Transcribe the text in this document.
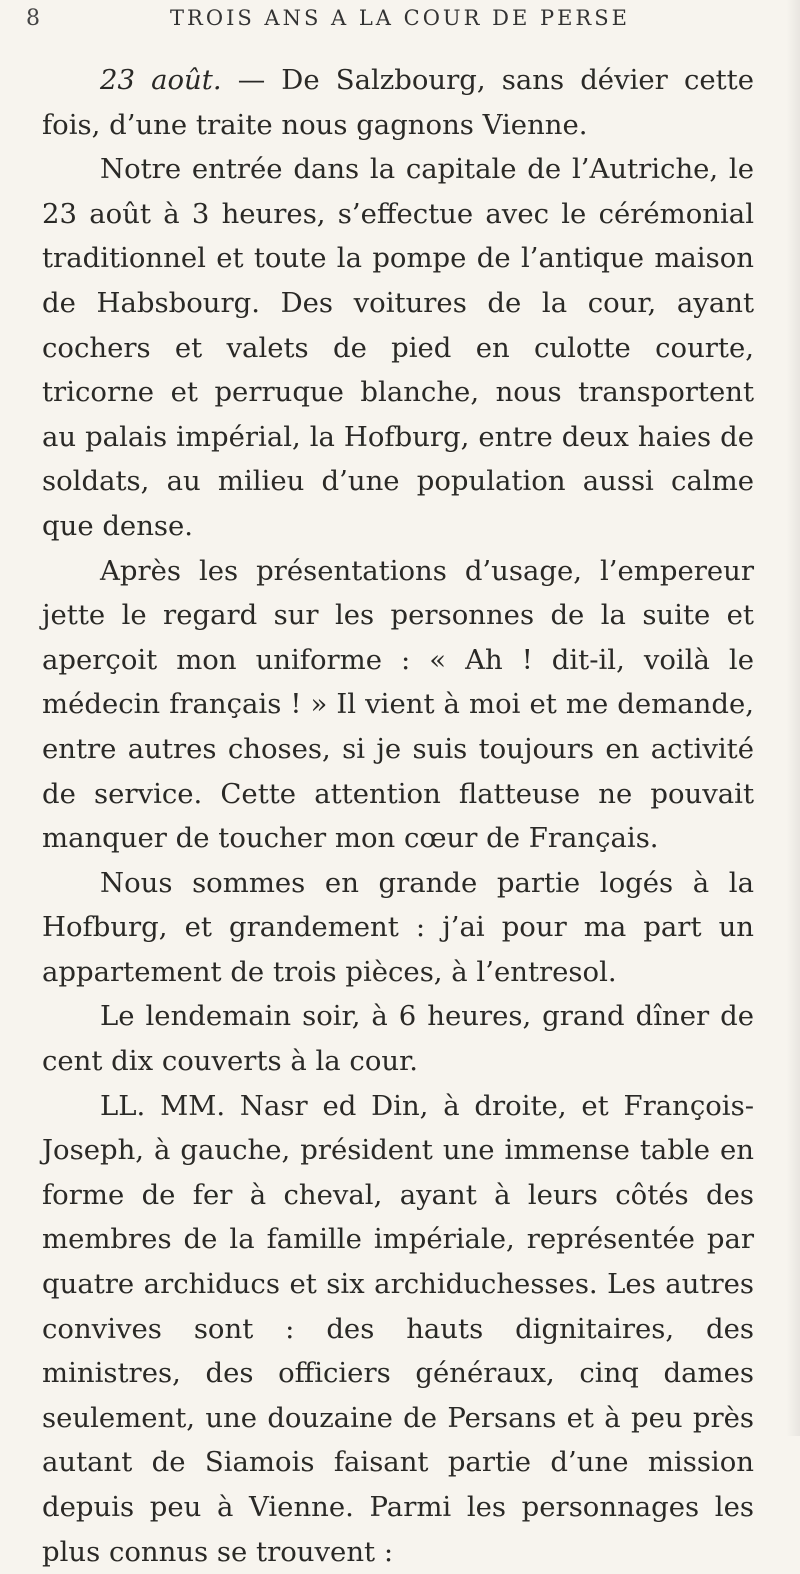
8	TROIS ANS A LA COUR DE PERSE

23 août. — De Salzbourg, sans dévier cette fois, d’une traite nous gagnons Vienne.

Notre entrée dans la capitale de l’Autriche, le 23 août à 3 heures, s’effectue avec le cérémonial traditionnel et toute la pompe de l’antique maison de Habsbourg. Des voitures de la cour, ayant cochers et valets de pied en culotte courte, tricorne et perruque blanche, nous transportent au palais impérial, la Hofburg, entre deux haies de soldats, au milieu d’une population aussi calme que dense.

Après les présentations d’usage, l’empereur jette le regard sur les personnes de la suite et aperçoit mon uniforme : « Ah ! dit-il, voilà le médecin français ! » Il vient à moi et me demande, entre autres choses, si je suis toujours en activité de service. Cette attention flatteuse ne pouvait manquer de toucher mon cœur de Français.

Nous sommes en grande partie logés à la Hofburg, et grandement : j’ai pour ma part un appartement de trois pièces, à l’entresol.

Le lendemain soir, à 6 heures, grand dîner de cent dix couverts à la cour.

LL. MM. Nasr ed Din, à droite, et François-Joseph, à gauche, président une immense table en forme de fer à cheval, ayant à leurs côtés des membres de la famille impériale, représentée par quatre archiducs et six archiduchesses. Les autres convives sont : des hauts dignitaires, des ministres, des officiers généraux, cinq dames seulement, une douzaine de Persans et à peu près autant de Siamois faisant partie d’une mission depuis peu à Vienne. Parmi les personnages les plus connus se trouvent :
